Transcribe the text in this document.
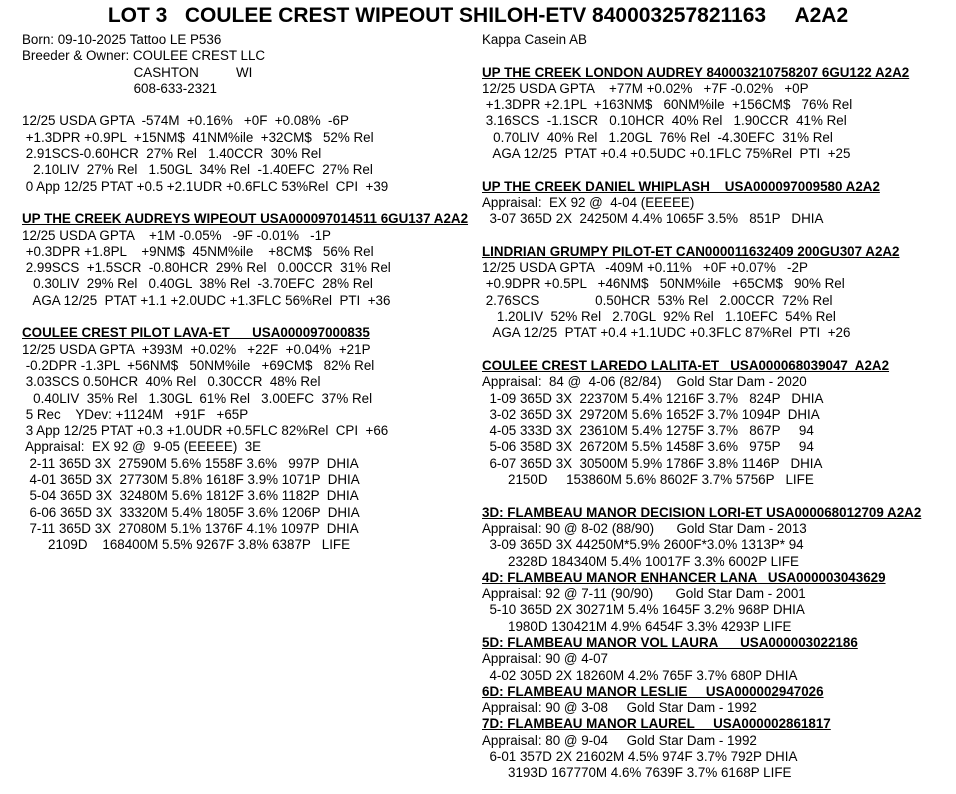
LOT 3   COULEE CREST WIPEOUT SHILOH-ETV 840003257821163     A2A2
Born: 09-10-2025 Tattoo LE P536
Breeder & Owner: COULEE CREST LLC
CASHTON          WI
608-633-2321
12/25 USDA GPTA  -574M  +0.16%   +0F  +0.08%  -6P
+1.3DPR +0.9PL  +15NM$  41NM%ile  +32CM$   52% Rel
2.91SCS-0.60HCR  27% Rel   1.40CCR  30% Rel
2.10LIV  27% Rel   1.50GL  34% Rel  -1.40EFC  27% Rel
0 App 12/25 PTAT +0.5 +2.1UDR +0.6FLC 53%Rel  CPI  +39
UP THE CREEK AUDREYS WIPEOUT USA000097014511 6GU137 A2A2
12/25 USDA GPTA    +1M -0.05%   -9F -0.01%   -1P
+0.3DPR +1.8PL    +9NM$  45NM%ile    +8CM$   56% Rel
2.99SCS  +1.5SCR  -0.80HCR  29% Rel   0.00CCR  31% Rel
0.30LIV  29% Rel   0.40GL  38% Rel  -3.70EFC  28% Rel
AGA 12/25  PTAT +1.1 +2.0UDC +1.3FLC 56%Rel  PTI  +36
COULEE CREST PILOT LAVA-ET      USA000097000835
12/25 USDA GPTA  +393M  +0.02%   +22F  +0.04%  +21P
-0.2DPR -1.3PL  +56NM$   50NM%ile   +69CM$   82% Rel
3.03SCS 0.50HCR  40% Rel   0.30CCR  48% Rel
0.40LIV  35% Rel   1.30GL  61% Rel   3.00EFC  37% Rel
5 Rec    YDev: +1124M   +91F   +65P
3 App 12/25 PTAT +0.3 +1.0UDR +0.5FLC 82%Rel  CPI  +66
Appraisal:  EX 92 @  9-05 (EEEEE)  3E
2-11 365D 3X  27590M 5.6% 1558F 3.6%   997P  DHIA
4-01 365D 3X  27730M 5.8% 1618F 3.9% 1071P  DHIA
5-04 365D 3X  32480M 5.6% 1812F 3.6% 1182P  DHIA
6-06 365D 3X  33320M 5.4% 1805F 3.6% 1206P  DHIA
7-11 365D 3X  27080M 5.1% 1376F 4.1% 1097P  DHIA
2109D    168400M 5.5% 9267F 3.8% 6387P   LIFE
Kappa Casein AB
UP THE CREEK LONDON AUDREY 840003210758207 6GU122 A2A2
12/25 USDA GPTA    +77M +0.02%   +7F -0.02%   +0P
+1.3DPR +2.1PL  +163NM$   60NM%ile  +156CM$   76% Rel
3.16SCS  -1.1SCR   0.10HCR  40% Rel   1.90CCR  41% Rel
0.70LIV  40% Rel   1.20GL  76% Rel  -4.30EFC  31% Rel
AGA 12/25  PTAT +0.4 +0.5UDC +0.1FLC 75%Rel  PTI  +25
UP THE CREEK DANIEL WHIPLASH    USA000097009580 A2A2
Appraisal:  EX 92 @  4-04 (EEEEE)
3-07 365D 2X  24250M 4.4% 1065F 3.5%   851P   DHIA
LINDRIAN GRUMPY PILOT-ET CAN000011632409 200GU307 A2A2
12/25 USDA GPTA   -409M +0.11%   +0F +0.07%   -2P
+0.9DPR +0.5PL   +46NM$   50NM%ile   +65CM$   90% Rel
2.76SCS               0.50HCR  53% Rel   2.00CCR  72% Rel
1.20LIV  52% Rel   2.70GL  92% Rel   1.10EFC  54% Rel
AGA 12/25  PTAT +0.4 +1.1UDC +0.3FLC 87%Rel  PTI  +26
COULEE CREST LAREDO LALITA-ET   USA000068039047  A2A2
Appraisal:  84 @  4-06 (82/84)    Gold Star Dam - 2020
1-09 365D 3X  22370M 5.4% 1216F 3.7%   824P   DHIA
3-02 365D 3X  29720M 5.6% 1652F 3.7% 1094P  DHIA
4-05 333D 3X  23610M 5.4% 1275F 3.7%   867P     94
5-06 358D 3X  26720M 5.5% 1458F 3.6%   975P     94
6-07 365D 3X  30500M 5.9% 1786F 3.8% 1146P   DHIA
2150D     153860M 5.6% 8602F 3.7% 5756P   LIFE
3D: FLAMBEAU MANOR DECISION LORI-ET USA000068012709 A2A2
Appraisal: 90 @ 8-02 (88/90)      Gold Star Dam - 2013
3-09 365D 3X 44250M*5.9% 2600F*3.0% 1313P* 94
2328D 184340M 5.4% 10017F 3.3% 6002P LIFE
4D: FLAMBEAU MANOR ENHANCER LANA   USA000003043629
Appraisal: 92 @ 7-11 (90/90)      Gold Star Dam - 2001
5-10 365D 2X 30271M 5.4% 1645F 3.2% 968P DHIA
1980D 130421M 4.9% 6454F 3.3% 4293P LIFE
5D: FLAMBEAU MANOR VOL LAURA      USA000003022186
Appraisal: 90 @ 4-07
4-02 305D 2X 18260M 4.2% 765F 3.7% 680P DHIA
6D: FLAMBEAU MANOR LESLIE     USA000002947026
Appraisal: 90 @ 3-08     Gold Star Dam - 1992
7D: FLAMBEAU MANOR LAUREL     USA000002861817
Appraisal: 80 @ 9-04     Gold Star Dam - 1992
6-01 357D 2X 21602M 4.5% 974F 3.7% 792P DHIA
3193D 167770M 4.6% 7639F 3.7% 6168P LIFE
